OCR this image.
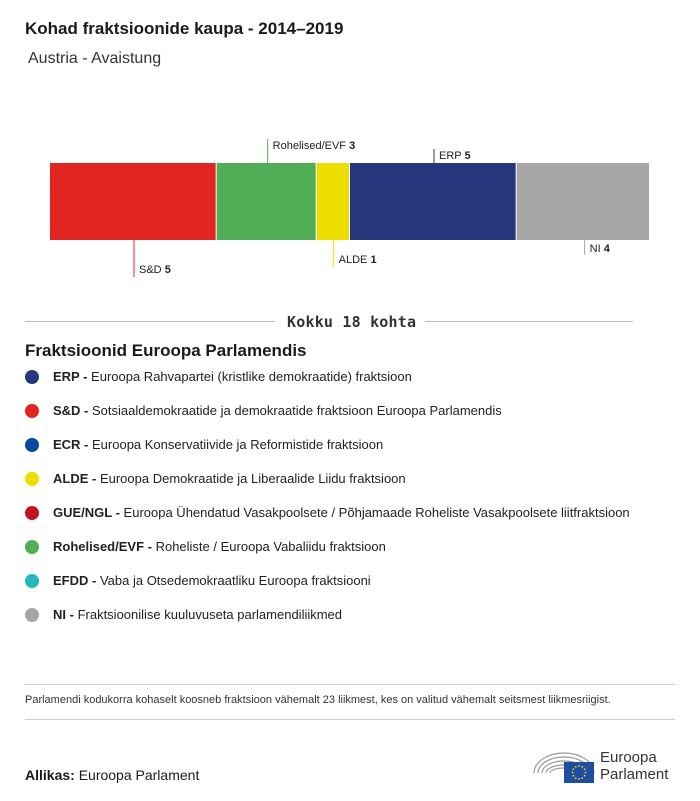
Kohad fraktsioonide kaupa - 2014–2019
Austria - Avaistung
S&D 5
Rohelised/EVF 3
ALDE 1
ERP 5
NI 4
Kokku 18 kohta
Fraktsioonid Euroopa Parlamendis
ERP - Euroopa Rahvapartei (kristlike demokraatide) fraktsioon
S&D - Sotsiaaldemokraatide ja demokraatide fraktsioon Euroopa Parlamendis
ECR - Euroopa Konservatiivide ja Reformistide fraktsioon
ALDE - Euroopa Demokraatide ja Liberaalide Liidu fraktsioon
GUE/NGL - Euroopa Ühendatud Vasakpoolsete / Põhjamaade Roheliste Vasakpoolsete liitfraktsioon
Rohelised/EVF - Roheliste / Euroopa Vabaliidu fraktsioon
EFDD - Vaba ja Otsedemokraatliku Euroopa fraktsiooni
NI - Fraktsioonilise kuuluvuseta parlamendiliikmed
Parlamendi kodukorra kohaselt koosneb fraktsioon vähemalt 23 liikmest, kes on valitud vähemalt seitsmest liikmesriigist.
Allikas: Euroopa Parlament
Euroopa
Parlament
